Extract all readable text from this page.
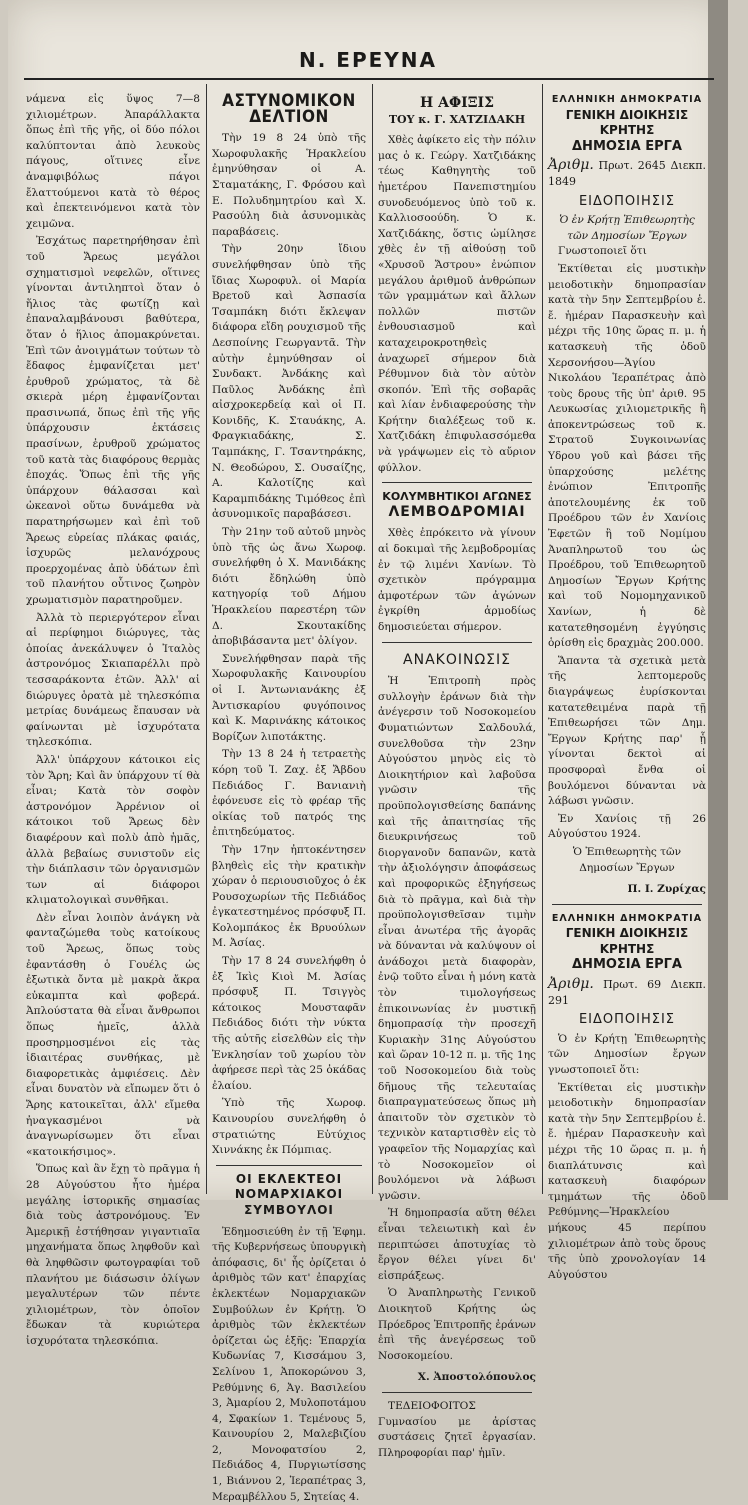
Ν. ΕΡΕΥΝΑ

νάμενα εἰς ὕψος 7—8 χιλιομέτρων. Ἀπαράλλακτα ὅπως ἐπὶ τῆς γῆς, οἱ δύο πόλοι καλύπτονται ἀπὸ λευκοὺς πάγους, οἵτινες εἶνε ἀναμφιβόλως πάγοι ἔλαττούμενοι κατὰ τὸ θέρος καὶ ἐπεκτεινόμενοι κατὰ τὸν χειμῶνα.

Ἐσχάτως παρετηρήθησαν ἐπὶ τοῦ Ἄρεως μεγάλοι σχηματισμοὶ νεφελῶν, οἵτινες γίνονται ἀντιληπτοὶ ὅταν ὁ ἥλιος τὰς φωτίζῃ καὶ ἐπαναλαμβάνουσι βαθύτερα, ὅταν ὁ ἥλιος ἀπομακρύνεται. Ἐπὶ τῶν ἀνοιγμάτων τούτων τὸ ἔδαφος ἐμφανίζεται μετ' ἐρυθροῦ χρώματος, τὰ δὲ σκιερὰ μέρη ἐμφανίζονται πρασινωπά, ὅπως ἐπὶ τῆς γῆς ὑπάρχουσιν ἐκτάσεις πρασίνων, ἐρυθροῦ χρώματος τοῦ κατὰ τὰς διαφόρους θερμὰς ἐποχάς. Ὅπως ἐπὶ τῆς γῆς ὑπάρχουν θάλασσαι καὶ ὠκεανοὶ οὕτω δυνάμεθα νὰ παρατηρήσωμεν καὶ ἐπὶ τοῦ Ἄρεως εὐρείας πλάκας φαιάς, ἰσχυρῶς μελανόχρους προερχομένας ἀπὸ ὑδάτων ἐπὶ τοῦ πλανήτου οὗτινος ζωηρὸν χρωματισμὸν παρατηροῦμεν.

Ἀλλὰ τὸ περιεργότερον εἶναι αἱ περίφημοι διώρυγες, τὰς ὁποίας ἀνεκάλυψεν ὁ Ἰταλὸς ἀστρονόμος Σκιαπαρέλλι πρὸ τεσσαράκοντα ἐτῶν. Ἀλλ' αἱ διώρυγες ὁρατὰ μὲ τηλεσκόπια μετρίας δυνάμεως ἔπαυσαν νὰ φαίνωνται μὲ ἰσχυρότατα τηλεσκόπια.

Ἀλλ' ὑπάρχουν κάτοικοι εἰς τὸν Ἄρη; Καὶ ἂν ὑπάρχουν τί θὰ εἶναι; Κατὰ τὸν σοφὸν ἀστρονόμον Ἀρρένιον οἱ κάτοικοι τοῦ Ἄρεως δὲν διαφέρουν καὶ πολὺ ἀπὸ ἡμᾶς, ἀλλὰ βεβαίως συνιστοῦν εἰς τὴν διάπλασιν τῶν ὀργανισμῶν των αἱ διάφοροι κλιματολογικαὶ συνθῆκαι.

Δὲν εἶναι λοιπὸν ἀνάγκη νὰ φανταζώμεθα τοὺς κατοίκους τοῦ Ἄρεως, ὅπως τοὺς ἐφαντάσθη ὁ Γουέλς ὡς ἐξωτικὰ ὄντα μὲ μακρὰ ἄκρα εὐκαμπτα καὶ φοβερά. Ἀπλούστατα θὰ εἶναι ἄνθρωποι ὅπως ἡμεῖς, ἀλλὰ προσηρμοσμένοι εἰς τὰς ἰδιαιτέρας συνθήκας, μὲ διαφορετικὰς ἀμφιέσεις. Δὲν εἶναι δυνατὸν νὰ εἴπωμεν ὅτι ὁ Ἄρης κατοικεῖται, ἀλλ' εἴμεθα ἠναγκασμένοι νὰ ἀναγνωρίσωμεν ὅτι εἶναι «κατοικήσιμος».

Ὅπως καὶ ἂν ἔχῃ τὸ πρᾶγμα ἡ 28 Αὐγούστου ἦτο ἡμέρα μεγάλης ἱστορικῆς σημασίας διὰ τοὺς ἀστρονόμους. Ἐν Ἀμερικῇ ἐστήθησαν γιγαντιαῖα μηχανήματα ὅπως ληφθοῦν καὶ θὰ ληφθῶσιν φωτογραφίαι τοῦ πλανήτου με διάσωσιν ὀλίγων μεγαλυτέρων τῶν πέντε χιλιομέτρων, τὸν ὁποῖον ἔδωκαν τὰ κυριώτερα ἰσχυρότατα τηλεσκόπια.

ΑΣΤΥΝΟΜΙΚΟΝ ΔΕΛΤΙΟΝ

Τὴν 19 8 24 ὑπὸ τῆς Χωροφυλακῆς Ἡρακλείου ἐμηνύθησαν οἱ Α. Σταματάκης, Γ. Φρόσου καὶ Ε. Πολυδημητρίου καὶ Χ. Ρασούλη διὰ ἀσυνομικὰς παραβάσεις.

Τὴν 20ην ἴδιου συνελήφθησαν ὑπὸ τῆς ἴδιας Χωροφυλ. οἱ Μαρία Βρετοῦ καὶ Ἀσπασία Τσαμπάκη διότι ἔκλεψαν διάφορα εἴδη ρουχισμοῦ τῆς Δεσποίνης Γεωργαντᾶ. Τὴν αὐτὴν ἐμηνύθησαν οἱ Συνδακτ. Ἀνδάκης καὶ Παῦλος Ἀνδάκης ἐπὶ αἰσχροκερδείᾳ καὶ οἱ Π. Κονιδῆς, Κ. Σταυάκης, Α. Φραγκιαδάκης, Σ. Ταμπάκης, Γ. Τσαντηράκης, Ν. Θεοδώρου, Σ. Ουσαίζης, Α. Καλοτίζης καὶ Καραμπιδάκης Τιμόθεος ἐπὶ ἀσυνομικοῖς παραβάσεσι.

Τὴν 21ην τοῦ αὐτοῦ μηνὸς ὑπὸ τῆς ὡς ἄνω Χωροφ. συνελήφθη ὁ Χ. Μανιδάκης διότι ἔδηλώθη ὑπὸ κατηγορίᾳ τοῦ Δήμου Ἡρακλείου παρεστέρη τῶν Δ. Σκουτακίδης ἀποβιβάσαντα μετ' ὀλίγον.

Συνελήφθησαν παρὰ τῆς Χωροφυλακῆς Καινουρίου οἱ Ι. Ἀντωνιανάκης ἐξ Ἀντισκαρίου φυγόποινος καὶ Κ. Μαρινάκης κάτοικος Βορίζων λιποτάκτης.

Τὴν 13 8 24 ἡ τετραετὴς κόρη τοῦ Ἰ. Ζαχ. ἐξ Ἄβδου Πεδιάδος Γ. Βανιανιὴ ἐφόνευσε εἰς τὸ φρέαρ τῆς οἰκίας τοῦ πατρός της ἐπιτηδεύματος.

Τὴν 17ην ἠπτοκέντησεν βληθεὶς εἰς τὴν κρατικὴν χώραν ὁ περιουσιοῦχος ὁ ἐκ Ρουσοχωρίων τῆς Πεδιάδος ἐγκατεστημένος πρόσφυξ Π. Κολομπάκος ἐκ Βρυούλων Μ. Ἀσίας.

Τὴν 17 8 24 συνελήφθη ὁ ἐξ Ἰκὶς Κιοὶ Μ. Ἀσίας πρόσφυξ Π. Τσιγγὸς κάτοικος Μουσταφᾶν Πεδιάδος διότι τὴν νύκτα τῆς αὐτῆς εἰσελθὼν εἰς τὴν Ἑνκλησίαν τοῦ χωρίου τὸν ἀφήρεσε περὶ τὰς 25 ὀκάδας ἐλαίου.

Ὑπὸ τῆς Χωροφ. Καινουρίου συνελήφθη ὁ στρατιώτης Εὐτύχιος Χιννάκης ἐκ Πόμπιας.

ΟΙ ΕΚΛΕΚΤΕΟΙ ΝΟΜΑΡΧΙΑΚΟΙ ΣΥΜΒΟΥΛΟΙ

Ἐδημοσιεύθη ἐν τῇ Ἐφημ. τῆς Κυβερνήσεως ὑπουργικὴ ἀπόφασις, δι' ἧς ὁρίζεται ὁ ἀριθμὸς τῶν κατ' ἐπαρχίας ἐκλεκτέων Νομαρχιακῶν Συμβούλων ἐν Κρήτῃ. Ὁ ἀριθμὸς τῶν ἐκλεκτέων ὁρίζεται ὡς ἑξῆς: Ἐπαρχία Κυδωνίας 7, Κισσάμου 3, Σελίνου 1, Ἀποκορώνου 3, Ρεθύμνης 6, Ἀγ. Βασιλείου 3, Ἀμαρίου 2, Μυλοποτάμου 4, Σφακίων 1. Τεμένους 5, Καινουρίου 2, Μαλεβιζίου 2, Μονοφατσίου 2, Πεδιάδος 4, Πυργιωτίσσης 1, Βιάννου 2, Ἱεραπέτρας 3, Μεραμβέλλου 5, Σητείας 4.

Η ΑΦΙΞΙΣ
ΤΟΥ κ. Γ. ΧΑΤΖΙΔΑΚΗ

Χθὲς ἀφίκετο εἰς τὴν πόλιν μας ὁ κ. Γεώργ. Χατζιδάκης τέως Καθηγητὴς τοῦ ἡμετέρου Πανεπιστημίου συνοδευόμενος ὑπὸ τοῦ κ. Καλλιοσοούδη. Ὁ κ. Χατζιδάκης, ὅστις ὡμίλησε χθὲς ἐν τῇ αἰθούσῃ τοῦ «Χρυσοῦ Ἄστρου» ἐνώπιον μεγάλου ἀριθμοῦ ἀνθρώπων τῶν γραμμάτων καὶ ἄλλων πολλῶν πιστῶν ἐνθουσιασμοῦ καὶ καταχειροκροτηθεὶς ἀναχωρεῖ σήμερον διὰ Ρέθυμνον διὰ τὸν αὐτὸν σκοπόν. Ἐπὶ τῆς σοβαρᾶς καὶ λίαν ἐνδιαφερούσης τὴν Κρήτην διαλέξεως τοῦ κ. Χατζιδάκη ἐπιφυλασσόμεθα νὰ γράψωμεν εἰς τὸ αὔριον φύλλον.

ΚΟΛΥΜΒΗΤΙΚΟΙ ΑΓΩΝΕΣ
ΛΕΜΒΟΔΡΟΜΙΑΙ

Χθὲς ἐπρόκειτο νὰ γίνουν αἱ δοκιμαὶ τῆς λεμβοδρομίας ἐν τῷ λιμένι Χανίων. Τὸ σχετικὸν πρόγραμμα ἀμφοτέρων τῶν ἀγώνων ἐγκρίθη ἁρμοδίως δημοσιεύεται σήμερον.

ΑΝΑΚΟΙΝΩΣΙΣ

Ἡ Ἐπιτροπὴ πρὸς συλλογὴν ἐράνων διὰ τὴν ἀνέγερσιν τοῦ Νοσοκομείου Φυματιώντων Σαλδουλά, συνελθοῦσα τὴν 23ην Αὐγούστου μηνὸς εἰς τὸ Διοικητήριον καὶ λαβοῦσα γνῶσιν τῆς προϋπολογισθείσης δαπάνης καὶ τῆς ἀπαιτησίας τῆς διευκρινήσεως τοῦ διοργανοῦν δαπανῶν, κατὰ τὴν ἀξιολόγησιν ἀποφάσεως καὶ προφορικῶς ἐξηγήσεως διὰ τὸ πρᾶγμα, καὶ διὰ τὴν προϋπολογισθεῖσαν τιμὴν εἶναι ἀνωτέρα τῆς ἀγορᾶς νὰ δύνανται νὰ καλύψουν οἱ ἀνάδοχοι μετὰ διαφορὰν, ἐνῷ τοῦτο εἶναι ἡ μόνη κατὰ τὸν τιμολογήσεως ἐπικοινωνίας ἐν μυστικῇ δημοπρασίᾳ τὴν προσεχῆ Κυριακὴν 31ης Αὐγούστου καὶ ὥραν 10-12 π. μ. τῆς 1ης τοῦ Νοσοκομείου διὰ τοὺς δῆμους τῆς τελευταίας διαπραγματεύσεως ὅπως μὴ ἀπαιτοῦν τὸν σχετικὸν τὸ τεχνικὸν καταρτισθὲν εἰς τὸ γραφεῖον τῆς Νομαρχίας καὶ τὸ Νοσοκομεῖον οἱ βουλόμενοι νὰ λάβωσι γνῶσιν.

Ἡ δημοπρασία αὕτη θέλει εἶναι τελειωτικὴ καὶ ἐν περιπτώσει ἀποτυχίας τὸ ἔργον θέλει γίνει δι' εἰσπράξεως.

Ὁ Ἀναπληρωτὴς Γενικοῦ Διοικητοῦ Κρήτης ὡς Πρόεδρος Ἐπιτροπῆς ἐράνων ἐπὶ τῆς ἀνεγέρσεως τοῦ Νοσοκομείου.

Χ. Ἀποστολόπουλος

ΤΕΔΕΙΟΦΟΙΤΟΣ Γυμνασίου με ἀρίστας συστάσεις ζητεῖ ἐργασίαν. Πληροφορίαι παρ' ἡμῖν.

ΕΛΛΗΝΙΚΗ ΔΗΜΟΚΡΑΤΙΑ
ΓΕΝΙΚΗ ΔΙΟΙΚΗΣΙΣ ΚΡΗΤΗΣ
ΔΗΜΟΣΙΑ ΕΡΓΑ
Ἀριθμ. Πρωτ. 2645 Διεκπ. 1849
ΕΙΔΟΠΟΙΗΣΙΣ
Ὁ ἐν Κρήτῃ Ἐπιθεωρητὴς τῶν Δημοσίων Ἔργων

Γνωστοποιεῖ ὅτι

Ἐκτίθεται εἰς μυστικὴν μειοδοτικὴν δημοπρασίαν κατὰ τὴν 5ην Σεπτεμβρίου ἑ. ἔ. ἡμέραν Παρασκευὴν καὶ μέχρι τῆς 10ης ὥρας π. μ. ἡ κατασκευὴ τῆς ὁδοῦ Χερσονήσου—Ἁγίου Νικολάου Ἱεραπέτρας ἀπὸ τοὺς δρους τῆς ὑπ' ἀριθ. 95 Λευκωσίας χιλιομετρικῆς ἢ ἀποκεντρώσεως τοῦ κ. Στρατοῦ Συγκοινωνίας Υδρου γοῦ καὶ βάσει τῆς ὑπαρχούσης μελέτης ἐνώπιον Ἐπιτροπῆς ἀποτελουμένης ἐκ τοῦ Προέδρου τῶν ἐν Χανίοις Ἐφετῶν ἢ τοῦ Νομίμου Ἀναπληρωτοῦ του ὡς Προέδρου, τοῦ Ἐπιθεωρητοῦ Δημοσίων Ἔργων Κρήτης καὶ τοῦ Νομομηχανικοῦ Χανίων, ἡ δὲ κατατεθησομένη ἐγγύησις ὁρίσθη εἰς δραχμὰς 200.000.

Ἅπαντα τὰ σχετικὰ μετὰ τῆς λεπτομεροῦς διαγράψεως ἐυρίσκονται κατατεθειμένα παρὰ τῇ Ἐπιθεωρήσει τῶν Δημ. Ἔργων Κρήτης παρ' ᾗ γίνονται δεκτοὶ αἱ προσφοραὶ ἔνθα οἱ βουλόμενοι δύνανται νὰ λάβωσι γνῶσιν.

Ἐν Χανίοις τῇ 26 Αὐγούστου 1924.

Ὁ Ἐπιθεωρητὴς τῶν Δημοσίων Ἔργων
Π. Ι. Ζυρίχας
ΕΛΛΗΝΙΚΗ ΔΗΜΟΚΡΑΤΙΑ
ΓΕΝΙΚΗ ΔΙΟΙΚΗΣΙΣ ΚΡΗΤΗΣ
ΔΗΜΟΣΙΑ ΕΡΓΑ
Ἀριθμ. Πρωτ. 69 Διεκπ. 291
ΕΙΔΟΠΟΙΗΣΙΣ

Ὁ ἐν Κρήτῃ Ἐπιθεωρητὴς τῶν Δημοσίων ἔργων γνωστοποιεῖ ὅτι:

Ἐκτίθεται εἰς μυστικὴν μειοδοτικὴν δημοπρασίαν κατὰ τὴν 5ην Σεπτεμβρίου ἑ. ἔ. ἡμέραν Παρασκευὴν καὶ μέχρι τῆς 10 ὥρας π. μ. ἡ διαπλάτυνσις καὶ κατασκευὴ διαφόρων τμημάτων τῆς ὁδοῦ Ρεθύμνης—Ἡρακλείου μήκους 45 περίπου χιλιομέτρων ἀπὸ τοὺς ὅρους τῆς ὑπὸ χρονολογίαν 14 Αὐγούστου
